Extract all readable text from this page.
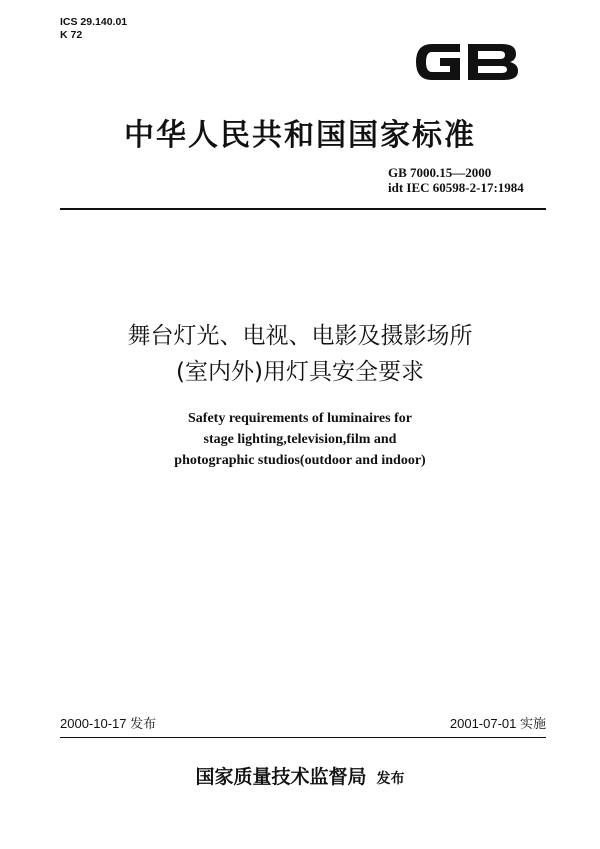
ICS 29.140.01
K 72
中华人民共和国国家标准
GB 7000.15—2000
idt IEC 60598-2-17:1984
舞台灯光、电视、电影及摄影场所
(室内外)用灯具安全要求
Safety requirements of luminaires for
stage lighting,television,film and
photographic studios(outdoor and indoor)
2000-10-17 发布	2001-07-01 实施
国家质量技术监督局 发布
